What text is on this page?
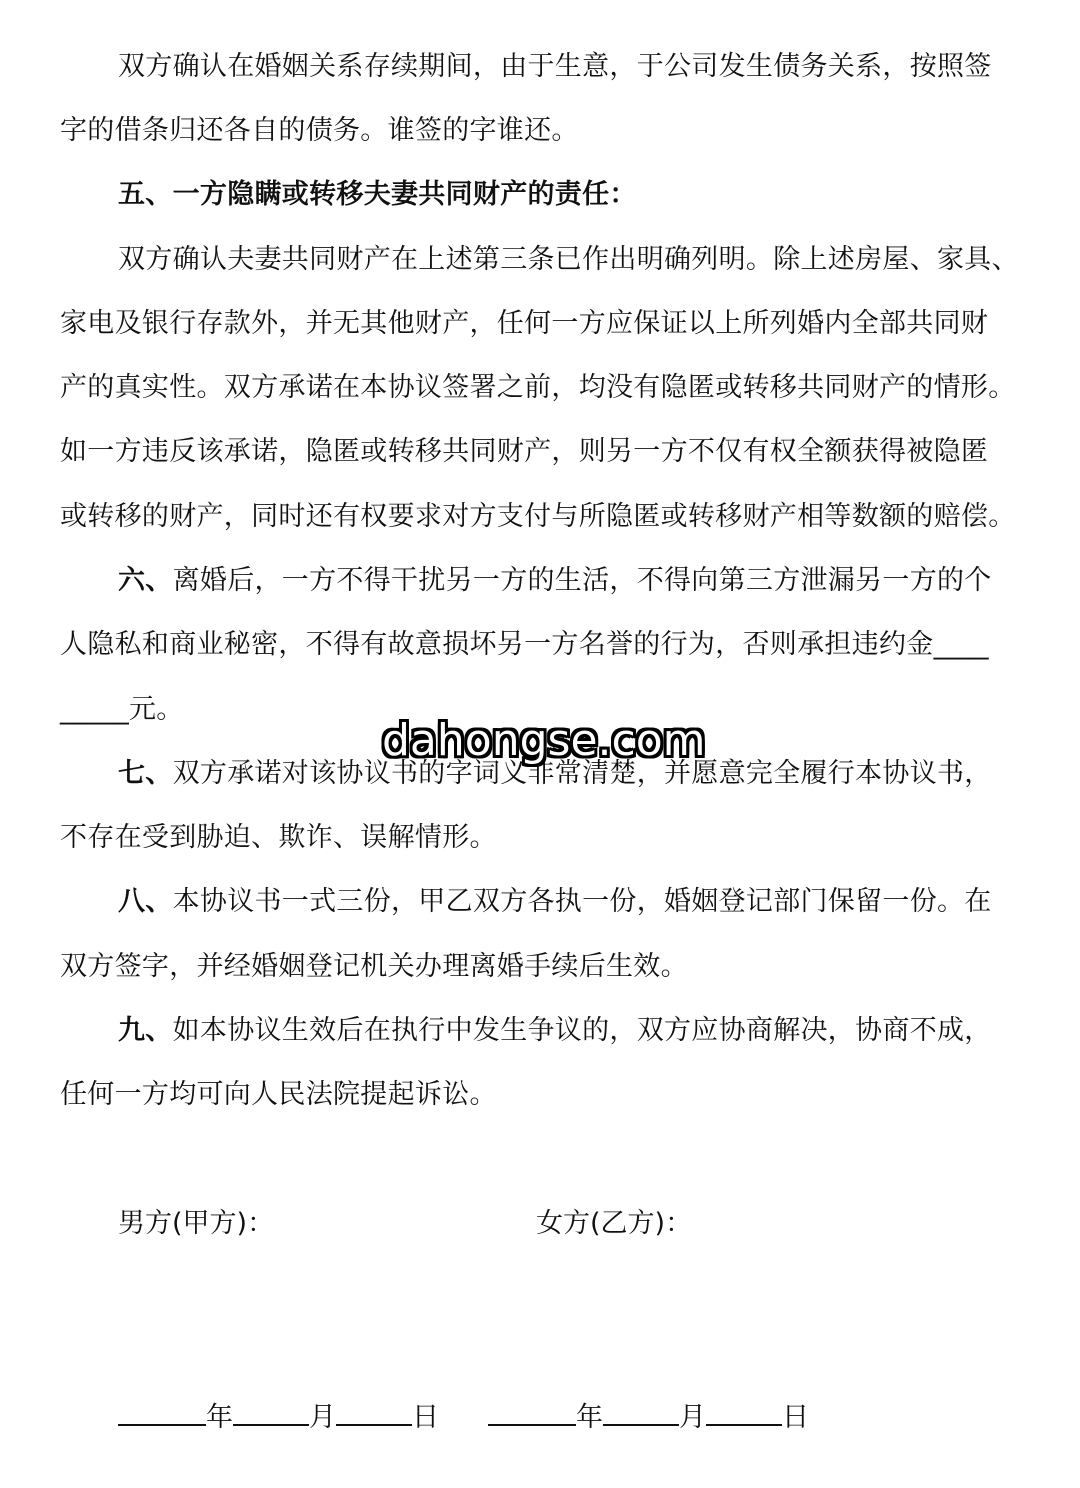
双方确认在婚姻关系存续期间，由于生意，于公司发生债务关系，按照签
字的借条归还各自的债务。谁签的字谁还。
五、一方隐瞒或转移夫妻共同财产的责任：
双方确认夫妻共同财产在上述第三条已作出明确列明。除上述房屋、家具、
家电及银行存款外，并无其他财产，任何一方应保证以上所列婚内全部共同财
产的真实性。双方承诺在本协议签署之前，均没有隐匿或转移共同财产的情形。
如一方违反该承诺，隐匿或转移共同财产，则另一方不仅有权全额获得被隐匿
或转移的财产，同时还有权要求对方支付与所隐匿或转移财产相等数额的赔偿。
六、离婚后，一方不得干扰另一方的生活，不得向第三方泄漏另一方的个
人隐私和商业秘密，不得有故意损坏另一方名誉的行为，否则承担违约金____
_____元。
七、双方承诺对该协议书的字词义非常清楚，并愿意完全履行本协议书，
不存在受到胁迫、欺诈、误解情形。
八、本协议书一式三份，甲乙双方各执一份，婚姻登记部门保留一份。在
双方签字，并经婚姻登记机关办理离婚手续后生效。
九、如本协议生效后在执行中发生争议的，双方应协商解决，协商不成，
任何一方均可向人民法院提起诉讼。
男方(甲方)：	女方(乙方)：
年	月	日	年	月	日
dahongse.com
